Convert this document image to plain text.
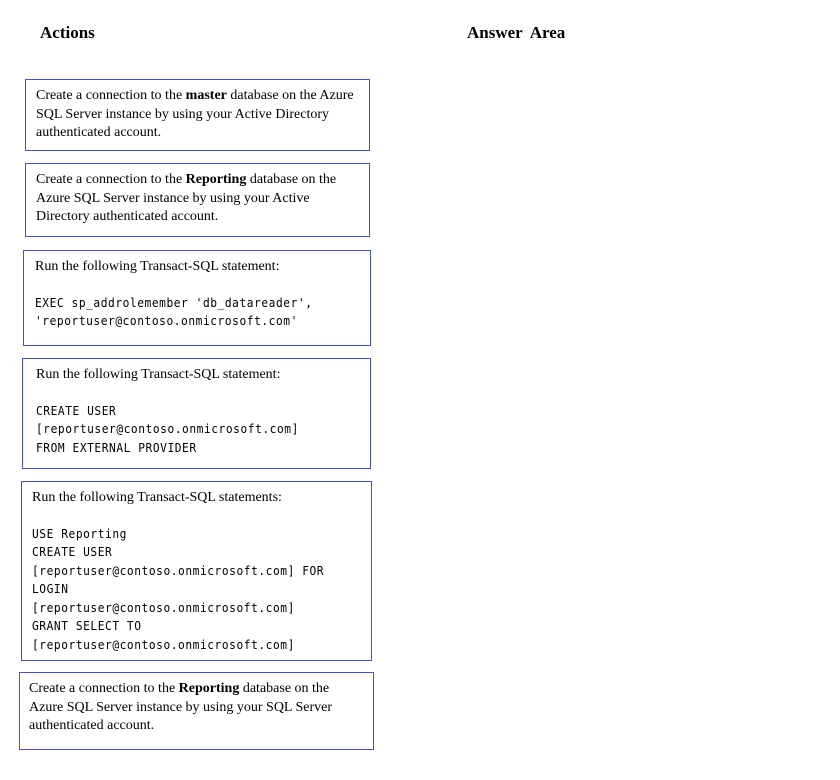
Actions	Answer Area

Create a connection to the master database on the Azure SQL Server instance by using your Active Directory authenticated account.

Create a connection to the Reporting database on the Azure SQL Server instance by using your Active Directory authenticated account.

Run the following Transact-SQL statement:

EXEC sp_addrolemember 'db_datareader',
'reportuser@contoso.onmicrosoft.com'

Run the following Transact-SQL statement:

CREATE USER
[reportuser@contoso.onmicrosoft.com]
FROM EXTERNAL PROVIDER

Run the following Transact-SQL statements:

USE Reporting
CREATE USER
[reportuser@contoso.onmicrosoft.com] FOR
LOGIN
[reportuser@contoso.onmicrosoft.com]
GRANT SELECT TO
[reportuser@contoso.onmicrosoft.com]

Create a connection to the Reporting database on the Azure SQL Server instance by using your SQL Server authenticated account.
